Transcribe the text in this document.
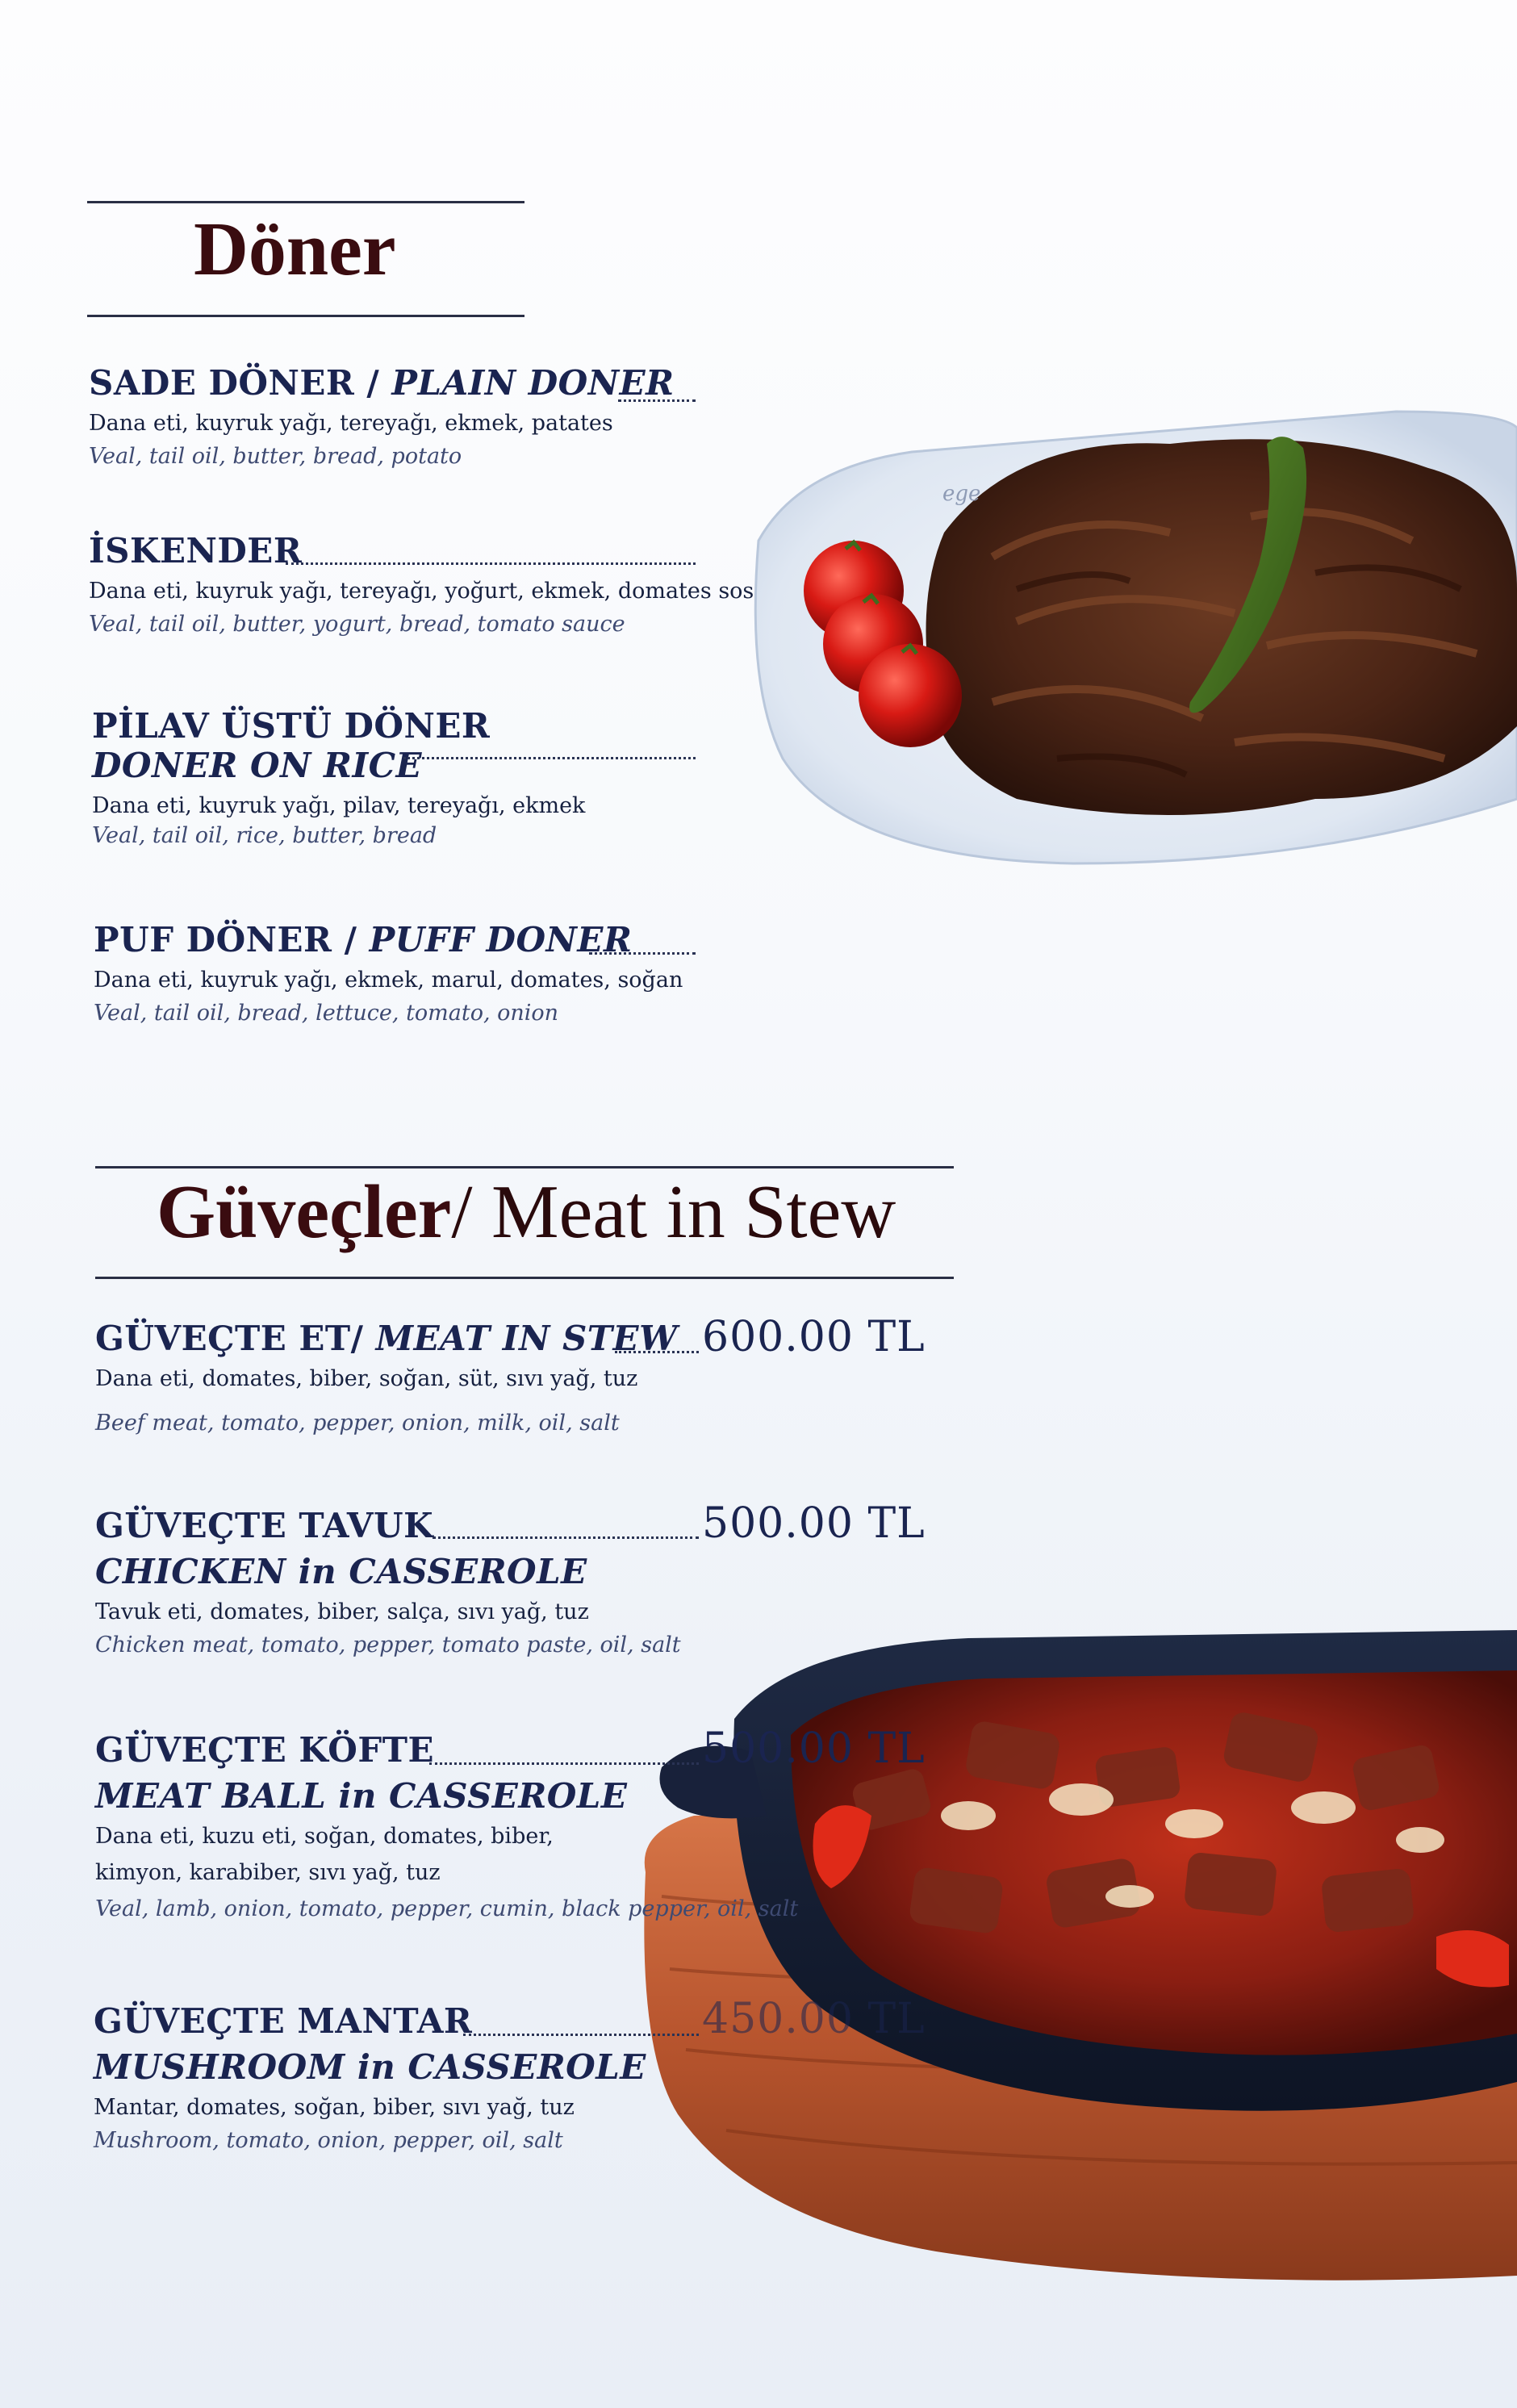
Döner
SADE DÖNER / PLAIN DONER
Dana eti, kuyruk yağı, tereyağı, ekmek, patates
Veal, tail oil, butter, bread, potato
İSKENDER
Dana eti, kuyruk yağı, tereyağı, yoğurt, ekmek, domates sos
Veal, tail oil, butter, yogurt, bread, tomato sauce
PİLAV ÜSTÜ DÖNER
DONER ON RICE
Dana eti, kuyruk yağı, pilav, tereyağı, ekmek
Veal, tail oil, rice, butter, bread
PUF DÖNER / PUFF DONER
Dana eti, kuyruk yağı, ekmek, marul, domates, soğan
Veal, tail oil, bread, lettuce, tomato, onion
ege
Güveçler/ Meat in Stew
GÜVEÇTE ET/ MEAT IN STEW
Dana eti, domates, biber, soğan, süt, sıvı yağ, tuz
Beef meat, tomato, pepper, onion, milk, oil, salt
600.00 TL
GÜVEÇTE TAVUK
CHICKEN in CASSEROLE
Tavuk eti, domates, biber, salça, sıvı yağ, tuz
Chicken meat, tomato, pepper, tomato paste, oil, salt
500.00 TL
GÜVEÇTE KÖFTE
MEAT BALL in CASSEROLE
Dana eti, kuzu eti, soğan, domates, biber,
kimyon, karabiber, sıvı yağ, tuz
Veal, lamb, onion, tomato, pepper, cumin, black pepper, oil, salt
500.00 TL
GÜVEÇTE MANTAR
MUSHROOM in CASSEROLE
Mantar, domates, soğan, biber, sıvı yağ, tuz
Mushroom, tomato, onion, pepper, oil, salt
450.00 TL
